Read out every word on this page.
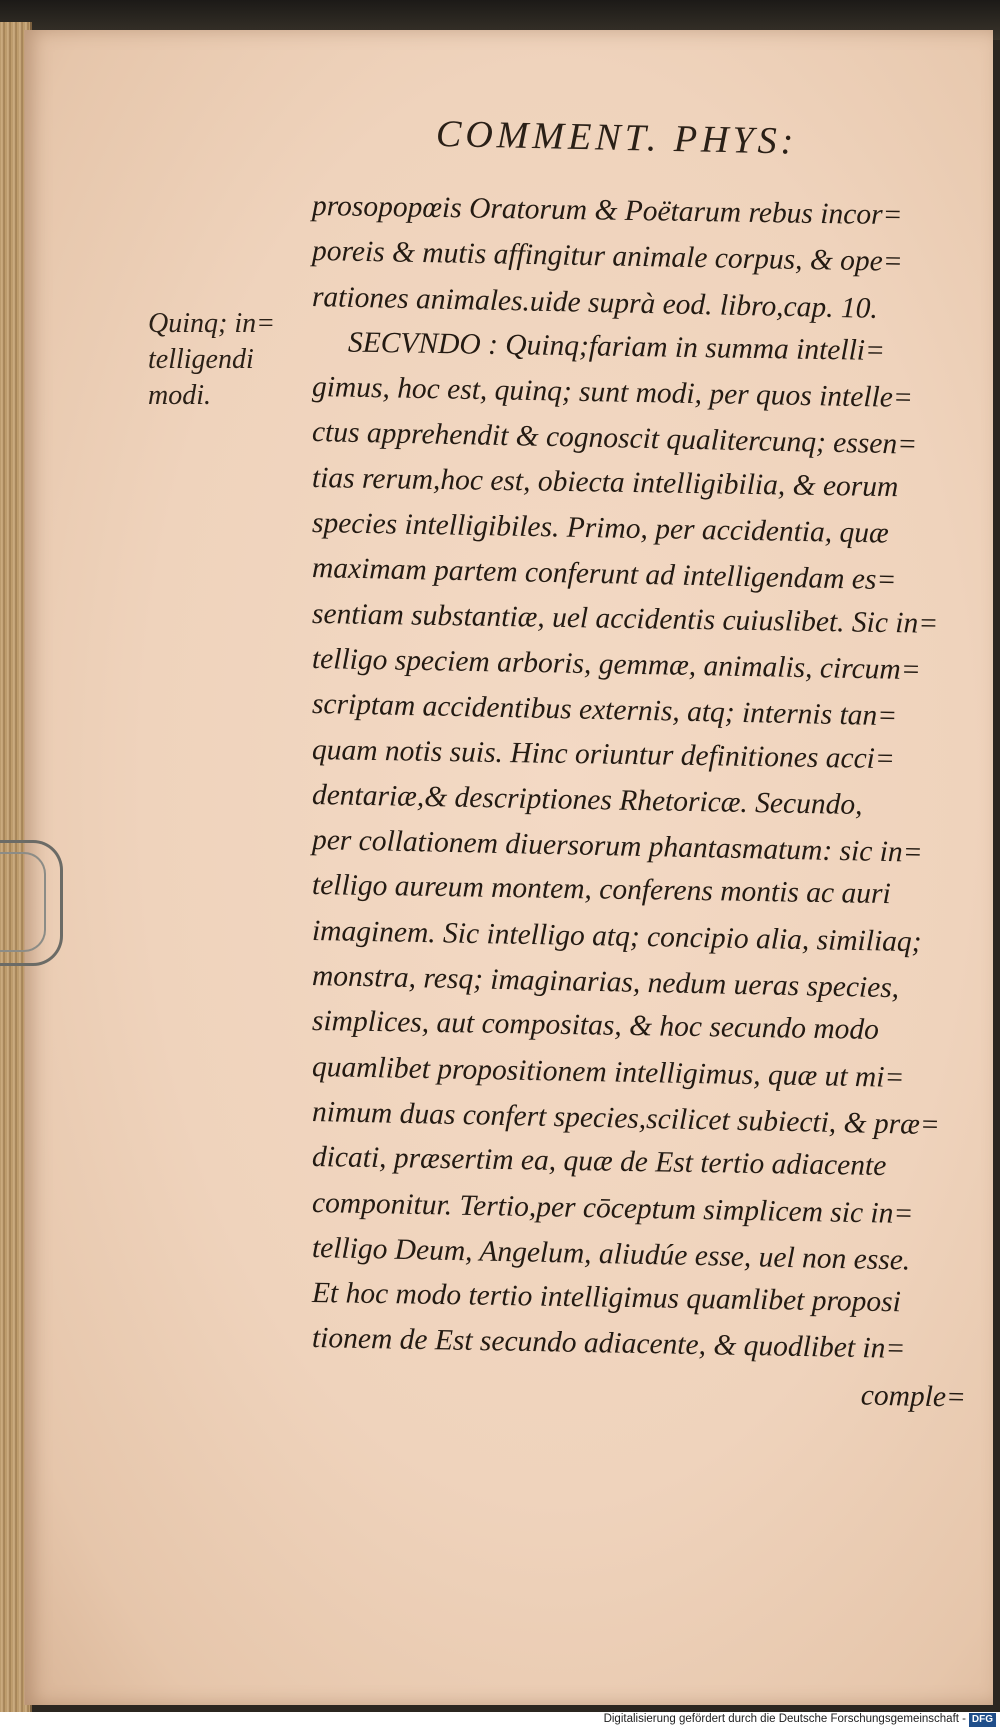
COMMENT. PHYS:
Quinq; in=
telligendi
modi.
prosopopœis Oratorum & Poëtarum rebus incor=
poreis & mutis affingitur animale corpus, & ope=
rationes animales.uide suprà eod. libro,cap. 10.
SECVNDO : Quinq;fariam in summa intelli=
gimus, hoc est, quinq; sunt modi, per quos intelle=
ctus apprehendit & cognoscit qualitercunq; essen=
tias rerum,hoc est, obiecta intelligibilia, & eorum
species intelligibiles. Primo, per accidentia, quæ
maximam partem conferunt ad intelligendam es=
sentiam substantiæ, uel accidentis cuiuslibet. Sic in=
telligo speciem arboris, gemmæ, animalis, circum=
scriptam accidentibus externis, atq; internis tan=
quam notis suis. Hinc oriuntur definitiones acci=
dentariæ,& descriptiones Rhetoricæ. Secundo,
per collationem diuersorum phantasmatum: sic in=
telligo aureum montem, conferens montis ac auri
imaginem. Sic intelligo atq; concipio alia, similiaq;
monstra, resq; imaginarias, nedum ueras species,
simplices, aut compositas, & hoc secundo modo
quamlibet propositionem intelligimus, quæ ut mi=
nimum duas confert species,scilicet subiecti, & præ=
dicati, præsertim ea, quæ de Est tertio adiacente
componitur. Tertio,per cōceptum simplicem sic in=
telligo Deum, Angelum, aliudúe esse, uel non esse.
Et hoc modo tertio intelligimus quamlibet proposi
tionem de Est secundo adiacente, & quodlibet in=
comple=
Digitalisierung gefördert durch die Deutsche Forschungsgemeinschaft - DFG
